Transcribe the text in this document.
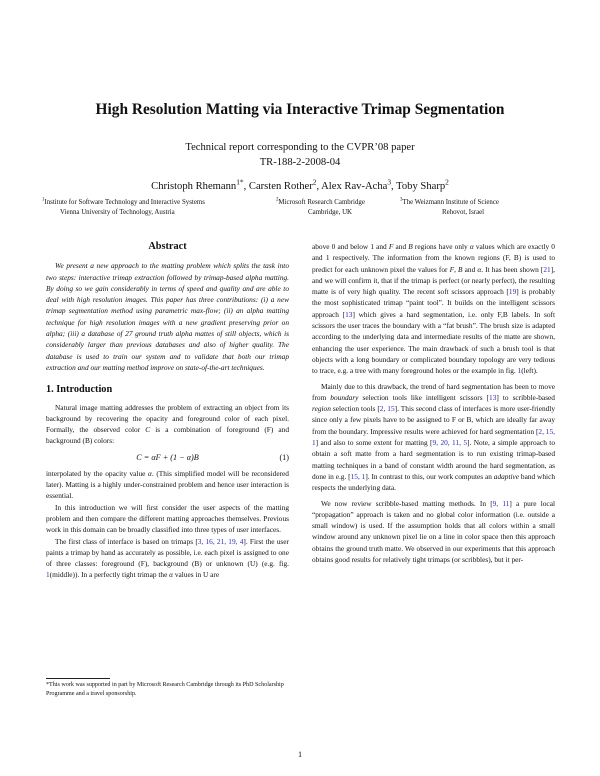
High Resolution Matting via Interactive Trimap Segmentation
Technical report corresponding to the CVPR’08 paper
TR-188-2-2008-04
Christoph Rhemann$^{1*}$, Carsten Rother$^2$, Alex Rav-Acha$^3$, Toby Sharp$^2$
$^1$Institute for Software Technology and Interactive Systems
Vienna University of Technology, Austria
$^2$Microsoft Research Cambridge
Cambridge, UK
$^3$The Weizmann Institute of Science
Rehovot, Israel
Abstract

We present a new approach to the matting problem which splits the task into two steps: interactive trimap extraction followed by trimap-based alpha matting. By doing so we gain considerably in terms of speed and quality and are able to deal with high resolution images. This paper has three contributions: (i) a new trimap segmentation method using parametric max-flow; (ii) an alpha matting technique for high resolution images with a new gradient preserving prior on alpha; (iii) a database of 27 ground truth alpha mattes of still objects, which is considerably larger than previous databases and also of higher quality. The database is used to train our system and to validate that both our trimap extraction and our matting method improve on state-of-the-art techniques.

1. Introduction

Natural image matting addresses the problem of extracting an object from its background by recovering the opacity and foreground color of each pixel. Formally, the observed color C is a combination of foreground (F) and background (B) colors:

C = αF + (1 − α)B	(1)

interpolated by the opacity value α. (This simplified model will be reconsidered later). Matting is a highly under-constrained problem and hence user interaction is essential.

In this introduction we will first consider the user aspects of the matting problem and then compare the different matting approaches themselves. Previous work in this domain can be broadly classified into three types of user interfaces.

The first class of interface is based on trimaps [3, 16, 21, 19, 4]. First the user paints a trimap by hand as accurately as possible, i.e. each pixel is assigned to one of three classes: foreground (F), background (B) or unknown (U) (e.g. fig. 1(middle)). In a perfectly tight trimap the α values in U are

*This work was supported in part by Microsoft Research Cambridge through its PhD Scholarship Programme and a travel sponsorship.

above 0 and below 1 and F and B regions have only α values which are exactly 0 and 1 respectively. The information from the known regions (F, B) is used to predict for each unknown pixel the values for F, B and α. It has been shown [21], and we will confirm it, that if the trimap is perfect (or nearly perfect), the resulting matte is of very high quality. The recent soft scissors approach [19] is probably the most sophisticated trimap “paint tool”. It builds on the intelligent scissors approach [13] which gives a hard segmentation, i.e. only F,B labels. In soft scissors the user traces the boundary with a “fat brush”. The brush size is adapted according to the underlying data and intermediate results of the matte are shown, enhancing the user experience. The main drawback of such a brush tool is that objects with a long boundary or complicated boundary topology are very tedious to trace, e.g. a tree with many foreground holes or the example in fig. 1(left).

Mainly due to this drawback, the trend of hard segmentation has been to move from boundary selection tools like intelligent scissors [13] to scribble-based region selection tools [2, 15]. This second class of interfaces is more user-friendly since only a few pixels have to be assigned to F or B, which are ideally far away from the boundary. Impressive results were achieved for hard segmentation [2, 15, 1] and also to some extent for matting [9, 20, 11, 5]. Note, a simple approach to obtain a soft matte from a hard segmentation is to run existing trimap-based matting techniques in a band of constant width around the hard segmentation, as done in e.g. [15, 1]. In contrast to this, our work computes an adaptive band which respects the underlying data.

We now review scribble-based matting methods. In [9, 11] a pure local “propagation” approach is taken and no global color information (i.e. outside a small window) is used. If the assumption holds that all colors within a small window around any unknown pixel lie on a line in color space then this approach obtains the ground truth matte. We observed in our experiments that this approach obtains good results for relatively tight trimaps (or scribbles), but it per-

1
